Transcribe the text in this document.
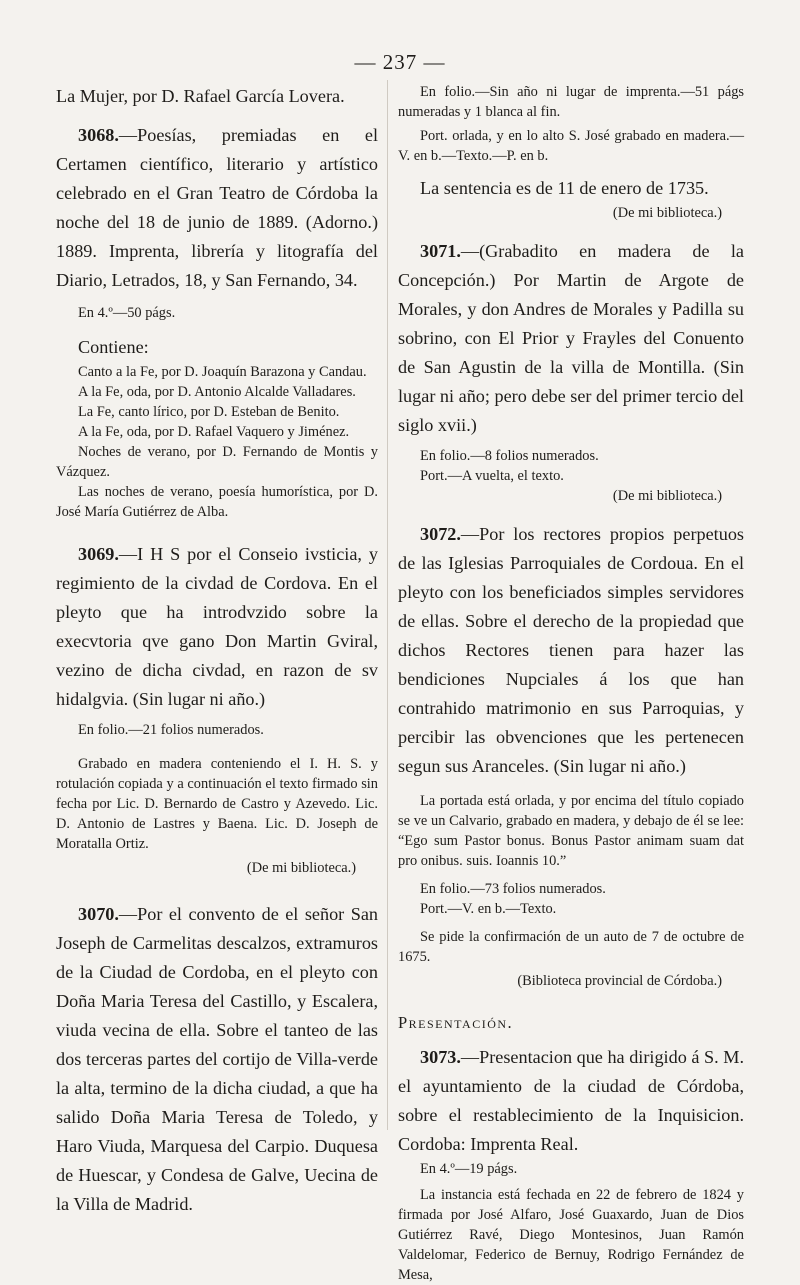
— 237 —

La Mujer, por D. Rafael García Lovera.

3068.—Poesías, premiadas en el Certamen científico, literario y artístico celebrado en el Gran Teatro de Córdoba la noche del 18 de junio de 1889. (Adorno.) 1889. Imprenta, librería y litografía del Diario, Letrados, 18, y San Fernando, 34.

En 4.º—50 págs.

Contiene:

Canto a la Fe, por D. Joaquín Barazona y Candau.

A la Fe, oda, por D. Antonio Alcalde Valladares.

La Fe, canto lírico, por D. Esteban de Benito.

A la Fe, oda, por D. Rafael Vaquero y Jiménez.

Noches de verano, por D. Fernando de Montis y Vázquez.

Las noches de verano, poesía humorística, por D. José María Gutiérrez de Alba.

3069.—I H S por el Conseio ivsticia, y regimiento de la civdad de Cordova. En el pleyto que ha introdvzido sobre la execvtoria qve gano Don Martin Gviral, vezino de dicha civdad, en razon de sv hidalgvia. (Sin lugar ni año.)

En folio.—21 folios numerados.

Grabado en madera conteniendo el I. H. S. y rotulación copiada y a continuación el texto firmado sin fecha por Lic. D. Bernardo de Castro y Azevedo. Lic. D. Antonio de Lastres y Baena. Lic. D. Joseph de Moratalla Ortiz.

(De mi biblioteca.)

3070.—Por el convento de el señor San Joseph de Carmelitas descalzos, extramuros de la Ciudad de Cordoba, en el pleyto con Doña Maria Teresa del Castillo, y Escalera, viuda vecina de ella. Sobre el tanteo de las dos terceras partes del cortijo de Villa-verde la alta, termino de la dicha ciudad, a que ha salido Doña Maria Teresa de Toledo, y Haro Viuda, Marquesa del Carpio. Duquesa de Huescar, y Condesa de Galve, Uecina de la Villa de Madrid.

En folio.—Sin año ni lugar de imprenta.—51 págs numeradas y 1 blanca al fin.

Port. orlada, y en lo alto S. José grabado en madera.—V. en b.—Texto.—P. en b.

La sentencia es de 11 de enero de 1735.

(De mi biblioteca.)

3071.—(Grabadito en madera de la Concepción.) Por Martin de Argote de Morales, y don Andres de Morales y Padilla su sobrino, con El Prior y Frayles del Conuento de San Agustin de la villa de Montilla. (Sin lugar ni año; pero debe ser del primer tercio del siglo xvii.)

En folio.—8 folios numerados.

Port.—A vuelta, el texto.

(De mi biblioteca.)

3072.—Por los rectores propios perpetuos de las Iglesias Parroquiales de Cordoua. En el pleyto con los beneficiados simples servidores de ellas. Sobre el derecho de la propiedad que dichos Rectores tienen para hazer las bendiciones Nupciales á los que han contrahido matrimonio en sus Parroquias, y percibir las obvenciones que les pertenecen segun sus Aranceles. (Sin lugar ni año.)

La portada está orlada, y por encima del título copiado se ve un Calvario, grabado en madera, y debajo de él se lee: “Ego sum Pastor bonus. Bonus Pastor animam suam dat pro onibus. suis. Ioannis 10.”

En folio.—73 folios numerados.

Port.—V. en b.—Texto.

Se pide la confirmación de un auto de 7 de octubre de 1675.

(Biblioteca provincial de Córdoba.)

Presentación.

3073.—Presentacion que ha dirigido á S. M. el ayuntamiento de la ciudad de Córdoba, sobre el restablecimiento de la Inquisicion. Cordoba: Imprenta Real.

En 4.º—19 págs.

La instancia está fechada en 22 de febrero de 1824 y firmada por José Alfaro, José Guaxardo, Juan de Dios Gutiérrez Ravé, Diego Montesinos, Juan Ramón Valdelomar, Federico de Bernuy, Rodrigo Fernández de Mesa,
